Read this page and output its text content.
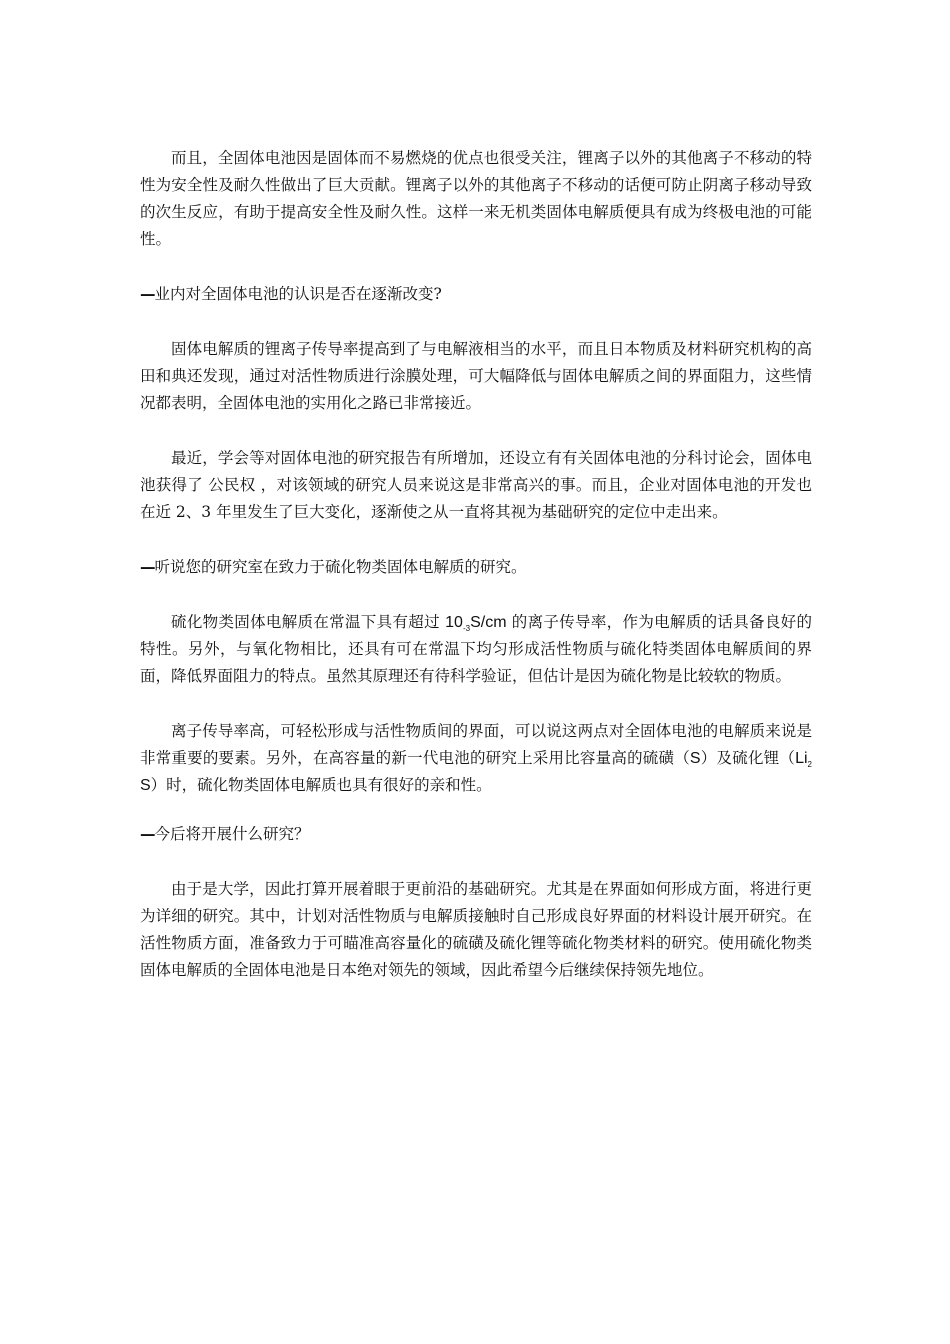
而且，全固体电池因是固体而不易燃烧的优点也很受关注，锂离子以外的其他离子不移动的特性为安全性及耐久性做出了巨大贡献。锂离子以外的其他离子不移动的话便可防止阴离子移动导致的次生反应，有助于提高安全性及耐久性。这样一来无机类固体电解质便具有成为终极电池的可能性。

—业内对全固体电池的认识是否在逐渐改变?

固体电解质的锂离子传导率提高到了与电解液相当的水平，而且日本物质及材料研究机构的高田和典还发现，通过对活性物质进行涂膜处理，可大幅降低与固体电解质之间的界面阻力，这些情况都表明，全固体电池的实用化之路已非常接近。

最近，学会等对固体电池的研究报告有所增加，还设立有有关固体电池的分科讨论会，固体电池获得了 公民权 ，对该领域的研究人员来说这是非常高兴的事。而且，企业对固体电池的开发也在近 2、3 年里发生了巨大变化，逐渐使之从一直将其视为基础研究的定位中走出来。

—听说您的研究室在致力于硫化物类固体电解质的研究。

硫化物类固体电解质在常温下具有超过 $10_{-3}S/cm$ 的离子传导率，作为电解质的话具备良好的特性。另外，与氧化物相比，还具有可在常温下均匀形成活性物质与硫化特类固体电解质间的界面，降低界面阻力的特点。虽然其原理还有待科学验证，但估计是因为硫化物是比较软的物质。

离子传导率高，可轻松形成与活性物质间的界面，可以说这两点对全固体电池的电解质来说是非常重要的要素。另外，在高容量的新一代电池的研究上采用比容量高的硫磺（S）及硫化锂$(Li_2S)$时，硫化物类固体电解质也具有很好的亲和性。

—今后将开展什么研究？

由于是大学，因此打算开展着眼于更前沿的基础研究。尤其是在界面如何形成方面，将进行更为详细的研究。其中，计划对活性物质与电解质接触时自己形成良好界面的材料设计展开研究。在活性物质方面，准备致力于可瞄准高容量化的硫磺及硫化锂等硫化物类材料的研究。使用硫化物类固体电解质的全固体电池是日本绝对领先的领域，因此希望今后继续保持领先地位。
